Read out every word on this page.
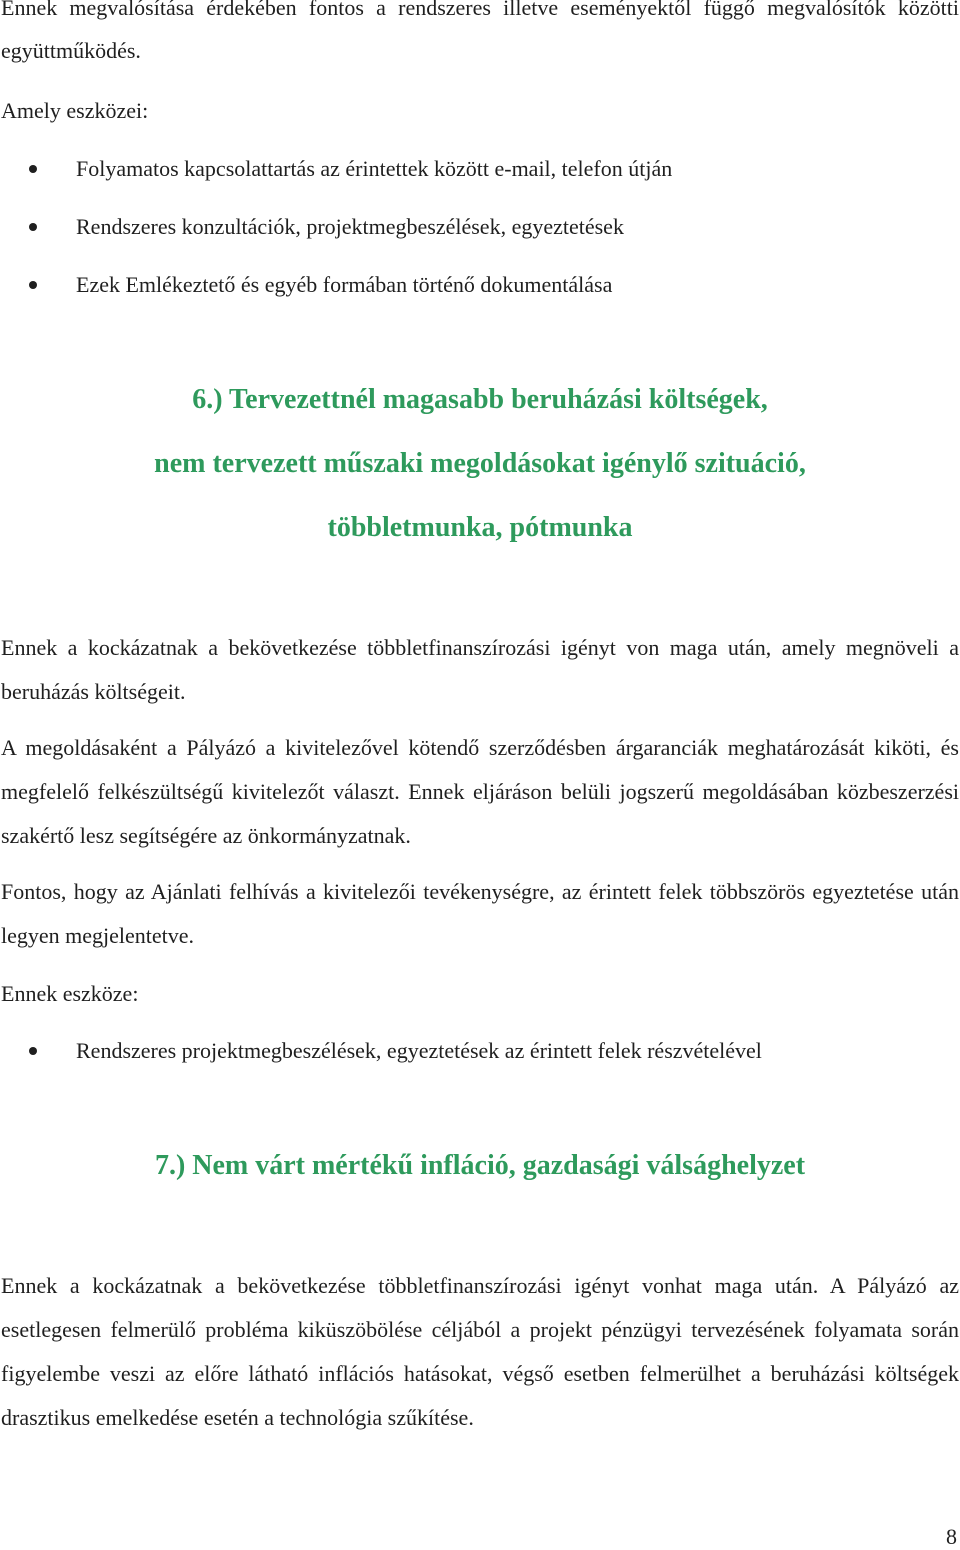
Ennek megvalósítása érdekében fontos a rendszeres illetve eseményektől függő megvalósítók közötti együttműködés.

Amely eszközei:

Folyamatos kapcsolattartás az érintettek között e-mail, telefon útján
Rendszeres konzultációk, projektmegbeszélések, egyeztetések
Ezek Emlékeztető és egyéb formában történő dokumentálása
6.) Tervezettnél magasabb beruházási költségek,
nem tervezett műszaki megoldásokat igénylő szituáció,
többletmunka, pótmunka

Ennek a kockázatnak a bekövetkezése többletfinanszírozási igényt von maga után, amely megnöveli a beruházás költségeit.

A megoldásaként a Pályázó a kivitelezővel kötendő szerződésben árgaranciák meghatározását kiköti, és megfelelő felkészültségű kivitelezőt választ. Ennek eljáráson belüli jogszerű megoldásában közbeszerzési szakértő lesz segítségére az önkormányzatnak.

Fontos, hogy az Ajánlati felhívás a kivitelezői tevékenységre, az érintett felek többszörös egyeztetése után legyen megjelentetve.

Ennek eszköze:

Rendszeres projektmegbeszélések, egyeztetések az érintett felek részvételével
7.) Nem várt mértékű infláció, gazdasági válsághelyzet

Ennek a kockázatnak a bekövetkezése többletfinanszírozási igényt vonhat maga után. A Pályázó az esetlegesen felmerülő probléma kiküszöbölése céljából a projekt pénzügyi tervezésének folyamata során figyelembe veszi az előre látható inflációs hatásokat, végső esetben felmerülhet a beruházási költségek drasztikus emelkedése esetén a technológia szűkítése.

8
